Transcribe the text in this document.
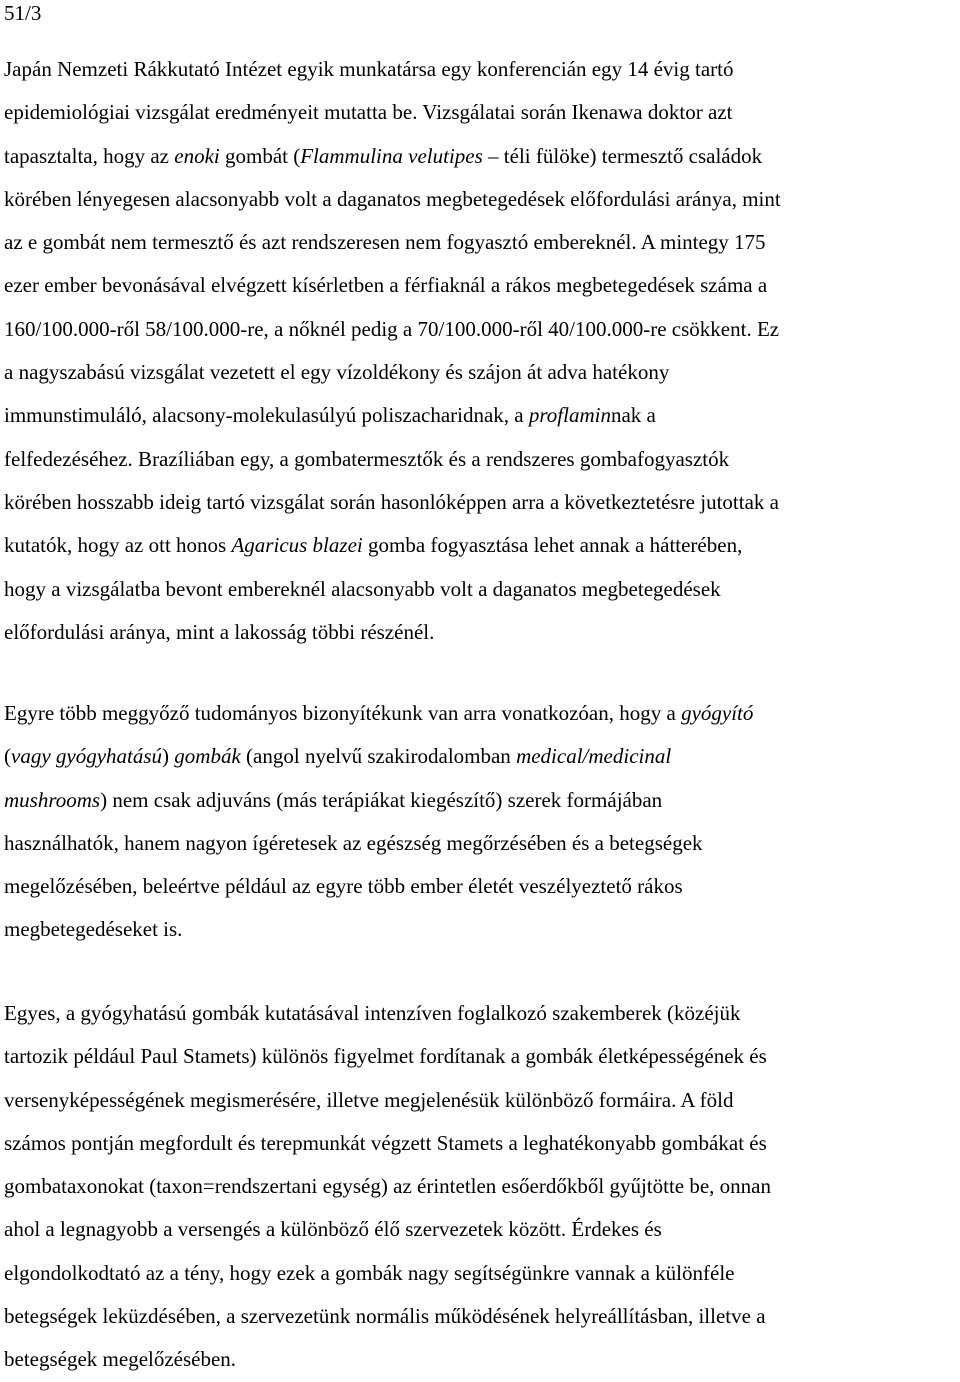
51/3

Japán Nemzeti Rákkutató Intézet egyik munkatársa egy konferencián egy 14 évig tartó
epidemiológiai vizsgálat eredményeit mutatta be. Vizsgálatai során Ikenawa doktor azt
tapasztalta, hogy az enoki gombát (Flammulina velutipes – téli fülöke) termesztő családok
körében lényegesen alacsonyabb volt a daganatos megbetegedések előfordulási aránya, mint
az e gombát nem termesztő és azt rendszeresen nem fogyasztó embereknél. A mintegy 175
ezer ember bevonásával elvégzett kísérletben a férfiaknál a rákos megbetegedések száma a
160/100.000-ről 58/100.000-re, a nőknél pedig a 70/100.000-ről 40/100.000-re csökkent. Ez
a nagyszabású vizsgálat vezetett el egy vízoldékony és szájon át adva hatékony
immunstimuláló, alacsony-molekulasúlyú poliszacharidnak, a proflaminnak a
felfedezéséhez. Brazíliában egy, a gombatermesztők és a rendszeres gombafogyasztók
körében hosszabb ideig tartó vizsgálat során hasonlóképpen arra a következtetésre jutottak a
kutatók, hogy az ott honos Agaricus blazei gomba fogyasztása lehet annak a hátterében,
hogy a vizsgálatba bevont embereknél alacsonyabb volt a daganatos megbetegedések
előfordulási aránya, mint a lakosság többi részénél.

Egyre több meggyőző tudományos bizonyítékunk van arra vonatkozóan, hogy a gyógyító
(vagy gyógyhatású) gombák (angol nyelvű szakirodalomban medical/medicinal
mushrooms) nem csak adjuváns (más terápiákat kiegészítő) szerek formájában
használhatók, hanem nagyon ígéretesek az egészség megőrzésében és a betegségek
megelőzésében, beleértve például az egyre több ember életét veszélyeztető rákos
megbetegedéseket is.

Egyes, a gyógyhatású gombák kutatásával intenzíven foglalkozó szakemberek (közéjük
tartozik például Paul Stamets) különös figyelmet fordítanak a gombák életképességének és
versenyképességének megismerésére, illetve megjelenésük különböző formáira. A föld
számos pontján megfordult és terepmunkát végzett Stamets a leghatékonyabb gombákat és
gombataxonokat (taxon=rendszertani egység) az érintetlen esőerdőkből gyűjtötte be, onnan
ahol a legnagyobb a versengés a különböző élő szervezetek között. Érdekes és
elgondolkodtató az a tény, hogy ezek a gombák nagy segítségünkre vannak a különféle
betegségek leküzdésében, a szervezetünk normális működésének helyreállításban, illetve a
betegségek megelőzésében.
